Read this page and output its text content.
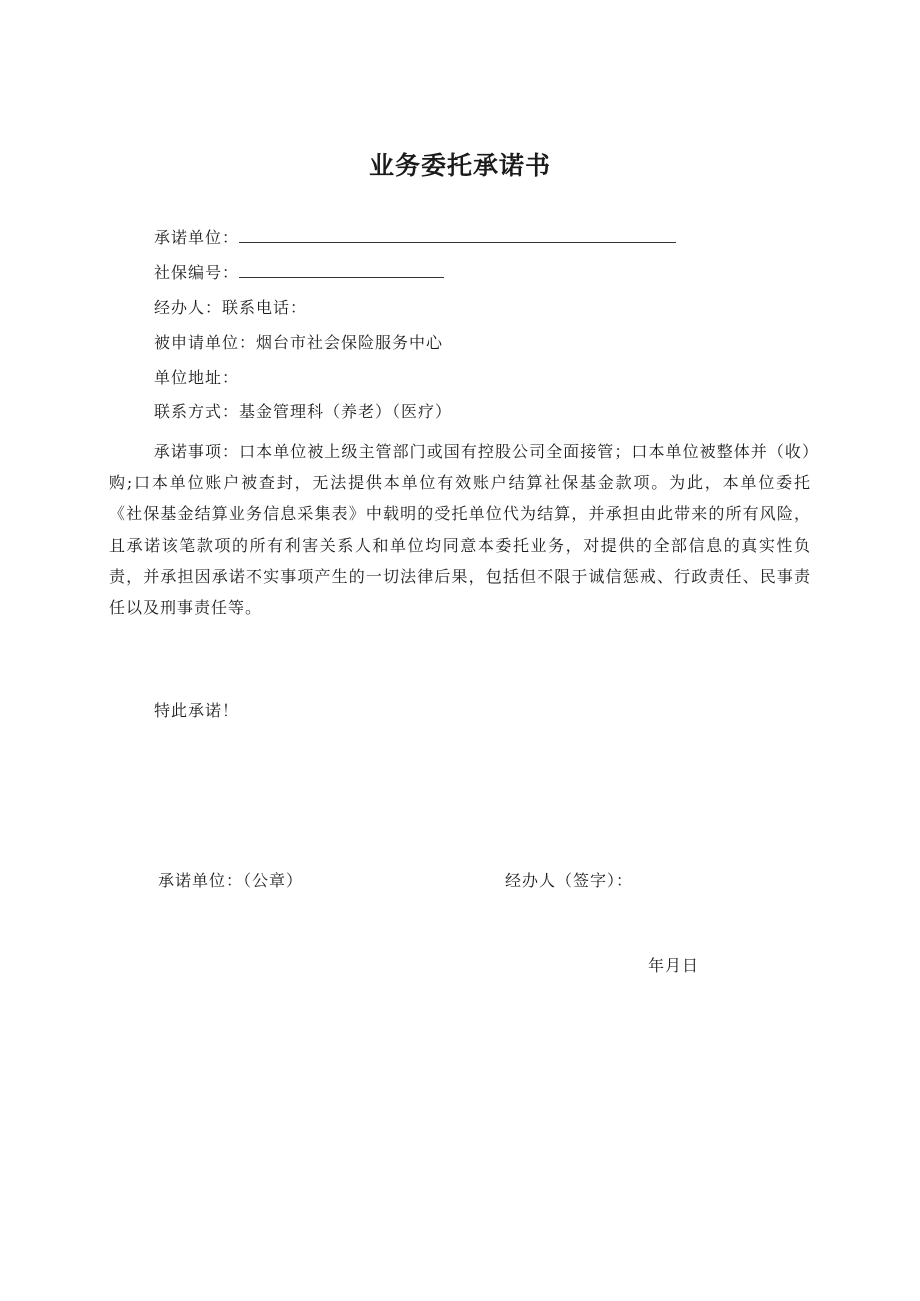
业务委托承诺书
承诺单位：
社保编号：
经办人：联系电话：
被申请单位：烟台市社会保险服务中心
单位地址：
联系方式：基金管理科（养老）（医疗）
承诺事项：口本单位被上级主管部门或国有控股公司全面接管；口本单位被整体并（收）购;口本单位账户被查封，无法提供本单位有效账户结算社保基金款项。为此，本单位委托《社保基金结算业务信息采集表》中载明的受托单位代为结算，并承担由此带来的所有风险，且承诺该笔款项的所有利害关系人和单位均同意本委托业务，对提供的全部信息的真实性负责，并承担因承诺不实事项产生的一切法律后果，包括但不限于诚信惩戒、行政责任、民事责任以及刑事责任等。
特此承诺！
承诺单位：（公章）	经办人（签字）：
年月日
